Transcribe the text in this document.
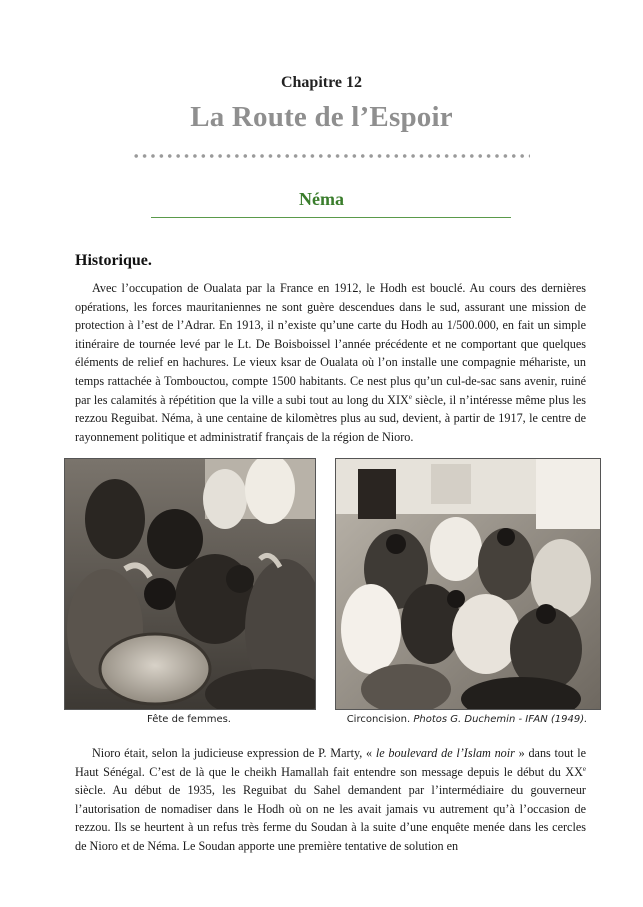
Chapitre 12
La Route de l’Espoir
Néma
Historique.
Avec l’occupation de Oualata par la France en 1912, le Hodh est bouclé. Au cours des dernières opérations, les forces mauritaniennes ne sont guère descendues dans le sud, assurant une mission de protection à l’est de l’Adrar. En 1913, il n’existe qu’une carte du Hodh au 1/500.000, en fait un simple itinéraire de tournée levé par le Lt. De Boisboissel l’année précédente et ne comportant que quelques éléments de relief en hachures. Le vieux ksar de Oualata où l’on installe une compagnie méhariste, un temps rattachée à Tombouctou, compte 1500 habitants. Ce nest plus qu’un cul-de-sac sans avenir, ruiné par les calamités à répétition que la ville a subi tout au long du XIXe siècle, il n’intéresse même plus les rezzou Reguibat. Néma, à une centaine de kilomètres plus au sud, devient, à partir de 1917, le centre de rayonnement politique et administratif français de la région de Nioro.
Fête de femmes.	Circoncision. Photos G. Duchemin - IFAN (1949).
Nioro était, selon la judicieuse expression de P. Marty, « le boulevard de l’Islam noir » dans tout le Haut Sénégal. C’est de là que le cheikh Hamallah fait entendre son message depuis le début du XXe siècle. Au début de 1935, les Reguibat du Sahel demandent par l’intermédiaire du gouverneur l’autorisation de nomadiser dans le Hodh où on ne les avait jamais vu autrement qu’à l’occasion de rezzou. Ils se heurtent à un refus très ferme du Soudan à la suite d’une enquête menée dans les cercles de Nioro et de Néma. Le Soudan apporte une première tentative de solution en
